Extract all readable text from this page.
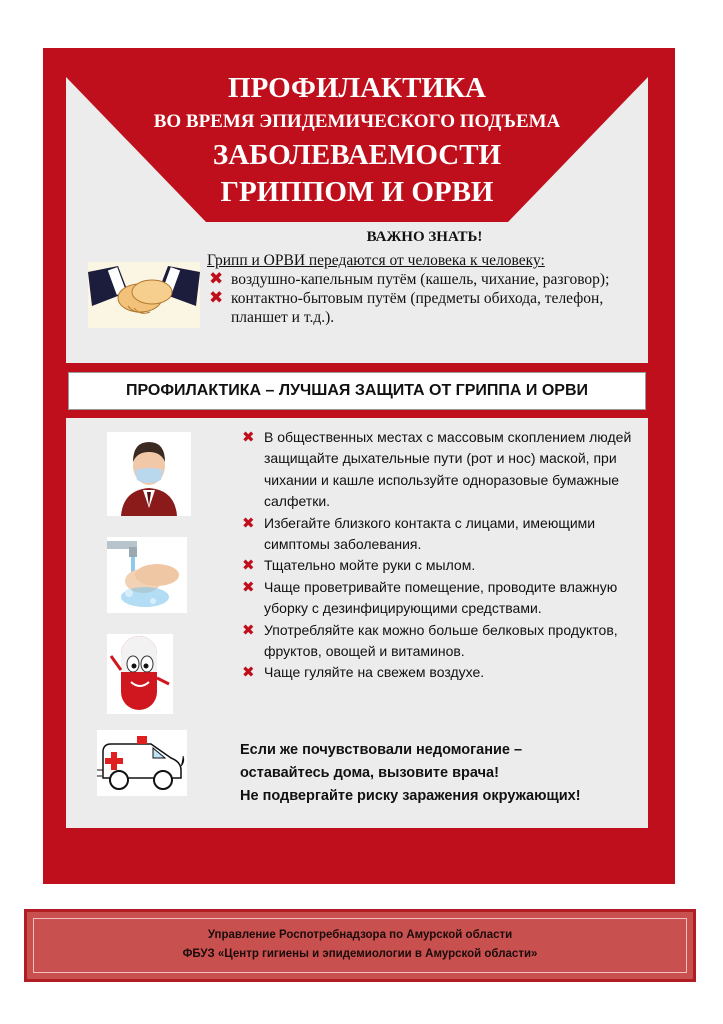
ПРОФИЛАКТИКА

ВО ВРЕМЯ ЭПИДЕМИЧЕСКОГО ПОДЪЕМА

ЗАБОЛЕВАЕМОСТИ

ГРИППОМ И ОРВИ

ВАЖНО ЗНАТЬ!
Грипп и ОРВИ передаются от человека к человеку:
✖ воздушно-капельным путём (кашель, чихание, разговор);
✖ контактно-бытовым путём (предметы обихода, телефон, планшет и т.д.).
ПРОФИЛАКТИКА – ЛУЧШАЯ ЗАЩИТА ОТ ГРИППА И ОРВИ
✖ В общественных местах с массовым скоплением людей защищайте дыхательные пути (рот и нос) маской, при чихании и кашле используйте одноразовые бумажные салфетки.
✖ Избегайте близкого контакта с лицами, имеющими симптомы заболевания.
✖ Тщательно мойте руки с мылом.
✖ Чаще проветривайте помещение, проводите влажную уборку с дезинфицирующими средствами.
✖ Употребляйте как можно больше белковых продуктов, фруктов, овощей и витаминов.
✖ Чаще гуляйте на свежем воздухе.

Если же почувствовали недомогание –

оставайтесь дома, вызовите врача!

Не подвергайте риску заражения окружающих!

Управление Роспотребнадзора по Амурской области

ФБУЗ «Центр гигиены и эпидемиологии в Амурской области»
